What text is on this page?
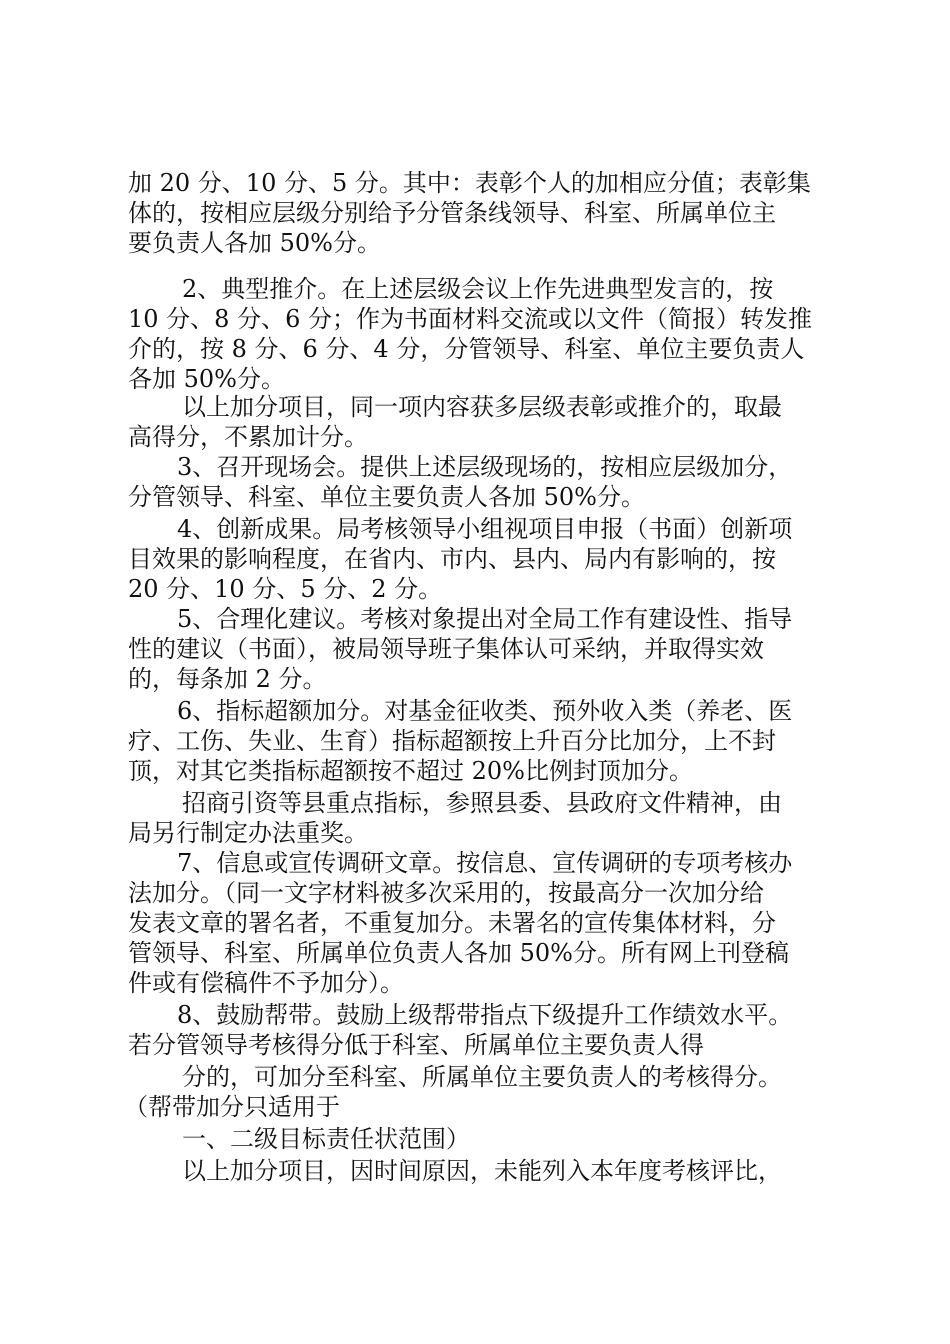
加 20 分、10 分、5 分。其中：表彰个人的加相应分值；表彰集
体的，按相应层级分别给予分管条线领导、科室、所属单位主
要负责人各加 50%分。
2、典型推介。在上述层级会议上作先进典型发言的，按
10 分、8 分、6 分；作为书面材料交流或以文件（简报）转发推
介的，按 8 分、6 分、4 分，分管领导、科室、单位主要负责人
各加 50%分。
以上加分项目，同一项内容获多层级表彰或推介的，取最
高得分，不累加计分。
3、召开现场会。提供上述层级现场的，按相应层级加分，
分管领导、科室、单位主要负责人各加 50%分。
4、创新成果。局考核领导小组视项目申报（书面）创新项
目效果的影响程度，在省内、市内、县内、局内有影响的，按
20 分、10 分、5 分、2 分。
5、合理化建议。考核对象提出对全局工作有建设性、指导
性的建议（书面），被局领导班子集体认可采纳，并取得实效
的，每条加 2 分。
6、指标超额加分。对基金征收类、预外收入类（养老、医
疗、工伤、失业、生育）指标超额按上升百分比加分，上不封
顶，对其它类指标超额按不超过 20%比例封顶加分。
招商引资等县重点指标，参照县委、县政府文件精神，由
局另行制定办法重奖。
7、信息或宣传调研文章。按信息、宣传调研的专项考核办
法加分。（同一文字材料被多次采用的，按最高分一次加分给
发表文章的署名者，不重复加分。未署名的宣传集体材料，分
管领导、科室、所属单位负责人各加 50%分。所有网上刊登稿
件或有偿稿件不予加分）。
8、鼓励帮带。鼓励上级帮带指点下级提升工作绩效水平。
若分管领导考核得分低于科室、所属单位主要负责人得
分的，可加分至科室、所属单位主要负责人的考核得分。
（帮带加分只适用于
一、二级目标责任状范围）
以上加分项目，因时间原因，未能列入本年度考核评比，
